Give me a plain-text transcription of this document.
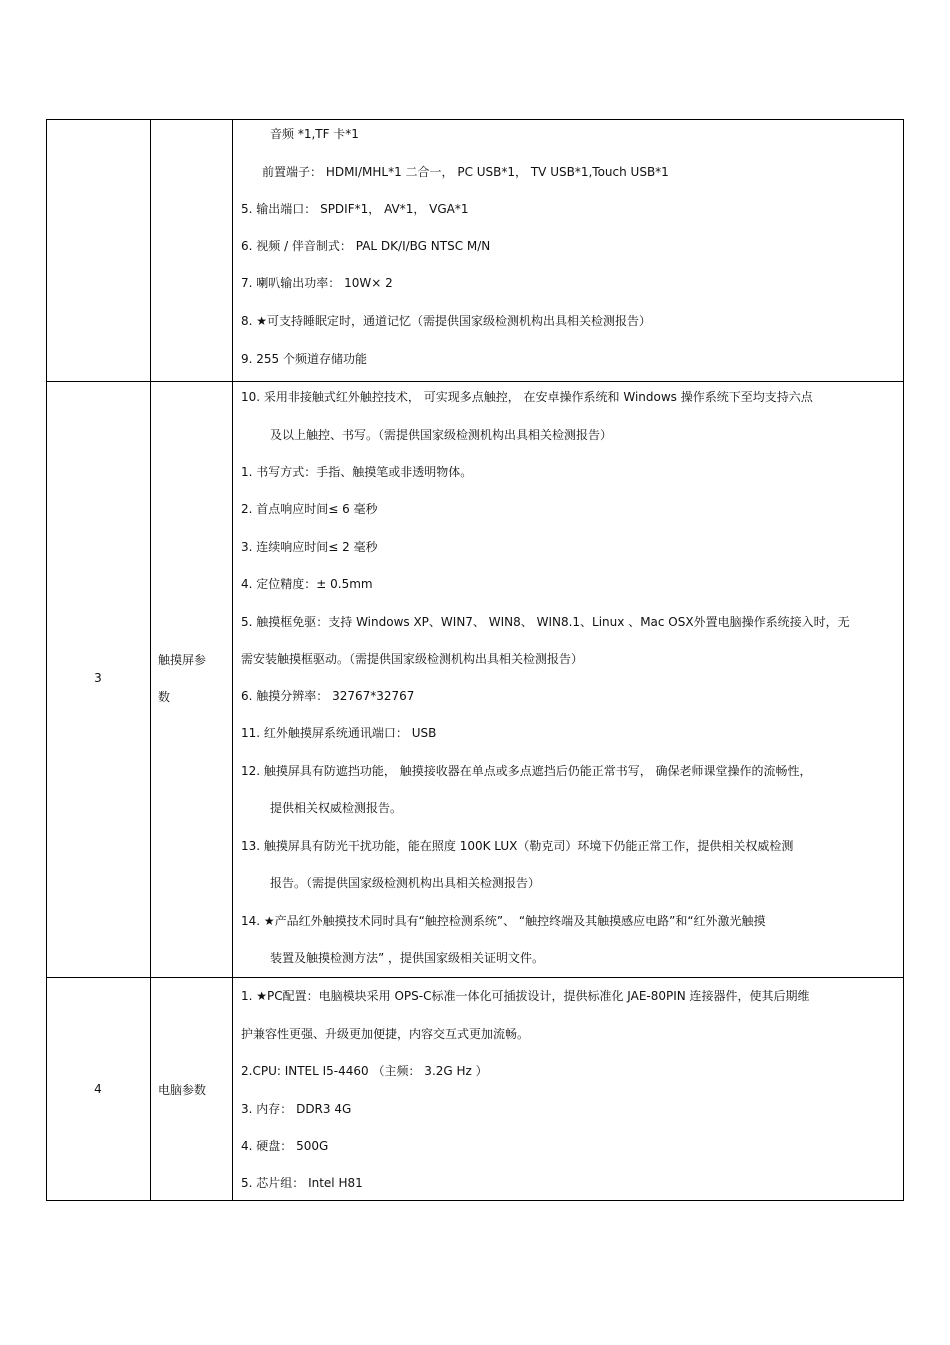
音频 *1,TF 卡*1
前置端子： HDMI/MHL*1 二合一， PC USB*1， TV USB*1,Touch USB*1
5. 输出端口： SPDIF*1， AV*1， VGA*1
6. 视频 / 伴音制式： PAL DK/I/BG NTSC M/N
7. 喇叭输出功率： 10W× 2
8. ★可支持睡眠定时，通道记忆（需提供国家级检测机构出具相关检测报告）
9. 255 个频道存储功能
3
触摸屏参
数
10. 采用非接触式红外触控技术， 可实现多点触控， 在安卓操作系统和 Windows 操作系统下至均支持六点
及以上触控、书写。（需提供国家级检测机构出具相关检测报告）
1. 书写方式：手指、触摸笔或非透明物体。
2. 首点响应时间≤ 6 毫秒
3. 连续响应时间≤ 2 毫秒
4. 定位精度：± 0.5mm
5. 触摸框免驱：支持 Windows XP、WIN7、 WIN8、 WIN8.1、Linux 、Mac OSX外置电脑操作系统接入时，无
需安装触摸框驱动。（需提供国家级检测机构出具相关检测报告）
6. 触摸分辨率： 32767*32767
11. 红外触摸屏系统通讯端口： USB
12. 触摸屏具有防遮挡功能， 触摸接收器在单点或多点遮挡后仍能正常书写， 确保老师课堂操作的流畅性，
提供相关权威检测报告。
13. 触摸屏具有防光干扰功能，能在照度 100K LUX（勒克司）环境下仍能正常工作，提供相关权威检测
报告。（需提供国家级检测机构出具相关检测报告）
14. ★产品红外触摸技术同时具有“触控检测系统”、 “触控终端及其触摸感应电路”和“红外激光触摸
装置及触摸检测方法” ，提供国家级相关证明文件。
4	电脑参数
1. ★PC配置：电脑模块采用 OPS-C标准一体化可插拔设计，提供标准化 JAE-80PIN 连接器件，使其后期维
护兼容性更强、升级更加便捷，内容交互式更加流畅。
2.CPU: INTEL I5-4460 （主频： 3.2G Hz ）
3. 内存： DDR3 4G
4. 硬盘： 500G
5. 芯片组： Intel H81
